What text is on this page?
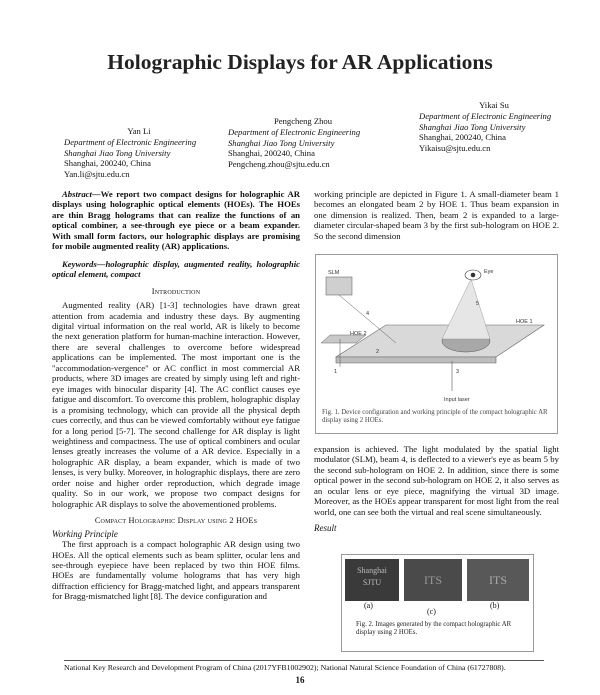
Holographic Displays for AR Applications
Yan Li
Department of Electronic Engineering
Shanghai Jiao Tong University
Shanghai, 200240, China
Yan.li@sjtu.edu.cn
Pengcheng Zhou
Department of Electronic Engineering
Shanghai Jiao Tong University
Shanghai, 200240, China
Pengcheng.zhou@sjtu.edu.cn
Yikai Su
Department of Electronic Engineering
Shanghai Jiao Tong University
Shanghai, 200240, China
Yikaisu@sjtu.edu.cn

Abstract—We report two compact designs for holographic AR displays using holographic optical elements (HOEs). The HOEs are thin Bragg holograms that can realize the functions of an optical combiner, a see-through eye piece or a beam expander. With small form factors, our holographic displays are promising for mobile augmented reality (AR) applications.

Keywords—holographic display, augmented reality, holographic optical element, compact

Introduction

Augmented reality (AR) [1-3] technologies have drawn great attention from academia and industry these days. By augmenting digital virtual information on the real world, AR is likely to become the next generation platform for human-machine interaction. However, there are several challenges to overcome before widespread applications can be implemented. The most important one is the "accommodation-vergence" or AC conflict in most commercial AR products, where 3D images are created by simply using left and right-eye images with binocular disparity [4]. The AC conflict causes eye fatigue and discomfort. To overcome this problem, holographic display is a promising technology, which can provide all the physical depth cues correctly, and thus can be viewed comfortably without eye fatigue for a long period [5-7]. The second challenge for AR display is light weightiness and compactness. The use of optical combiners and ocular lenses greatly increases the volume of a AR device. Especially in a holographic AR display, a beam expander, which is made of two lenses, is very bulky. Moreover, in holographic displays, there are zero order noise and higher order reproduction, which degrade image quality. So in our work, we propose two compact designs for holographic AR displays to solve the abovementioned problems.

Compact Holographic Display using 2 HOEs

Working Principle

The first approach is a compact holographic AR design using two HOEs. All the optical elements such as beam splitter, ocular lens and see-through eyepiece have been replaced by two thin HOE films. HOEs are fundamentally volume holograms that has very high diffraction efficiency for Bragg-matched light, and appears transparent for Bragg-mismatched light [8]. The device configuration and

working principle are depicted in Figure 1. A small-diameter beam 1 becomes an elongated beam 2 by HOE 1. Thus beam expansion in one dimension is realized. Then, beam 2 is expanded to a large-diameter circular-shaped beam 3 by the first sub-hologram on HOE 2. So the second dimension

SLM	Eye
HOE 1
HOE 2
Input laser
1
2
3
4
5
Fig. 1. Device configuration and working principle of the compact holographic AR display using 2 HOEs.

expansion is achieved. The light modulated by the spatial light modulator (SLM), beam 4, is deflected to a viewer's eye as beam 5 by the second sub-hologram on HOE 2. In addition, since there is some optical power in the second sub-hologram on HOE 2, it also serves as an ocular lens or eye piece, magnifying the virtual 3D image. Moreover, as the HOEs appear transparent for most light from the real world, one can see both the virtual and real scene simultaneously.

Result

Shanghai
SJTU	ITS	ITS
(a)
(c)
(b)
Fig. 2. Images generated by the compact holographic AR display using 2 HOEs.
National Key Research and Development Program of China (2017YFB1002902); National Natural Science Foundation of China (61727808).
16
